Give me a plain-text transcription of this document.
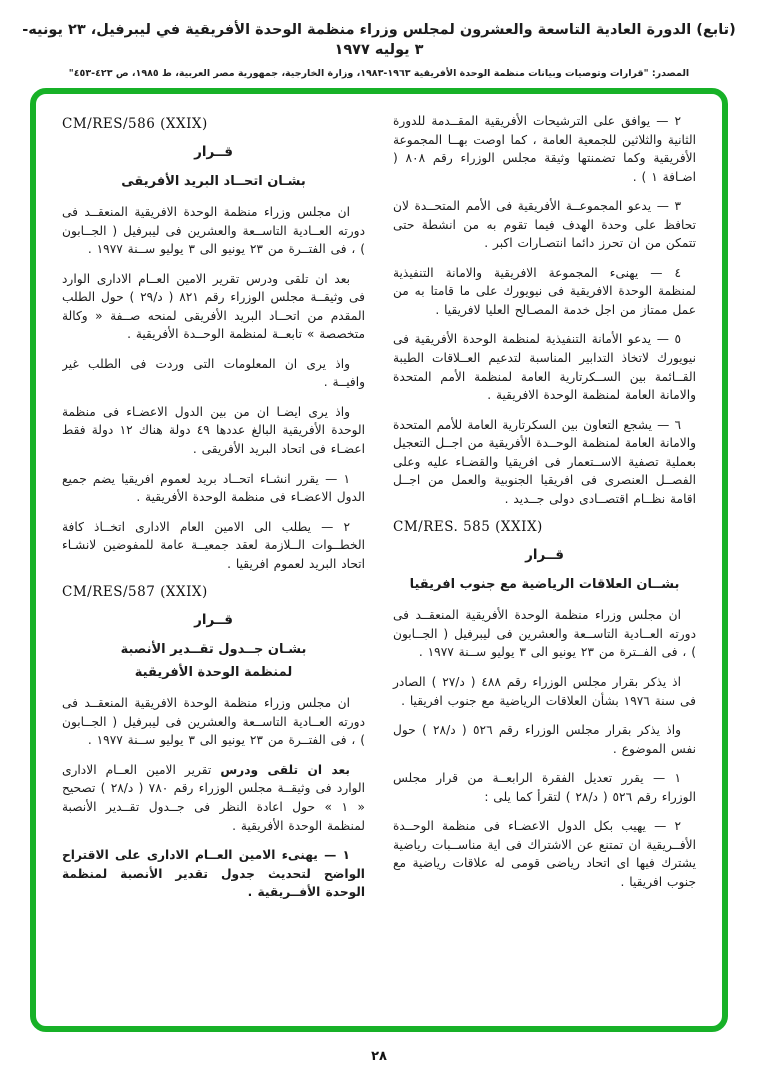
(تابع) الدورة العادية التاسعة والعشرون لمجلس وزراء منظمة الوحدة الأفريقية في ليبرفيل، ٢٣ يونيه- ٣ يوليه ١٩٧٧
المصدر: "قرارات وتوصيات وبيانات منظمة الوحدة الأفريقية ١٩٦٣-١٩٨٣، وزارة الخارجية، جمهورية مصر العربية، ط ١٩٨٥، ص ٤٢٣-٤٥٣"

٢ — يوافق على الترشيحات الأفريقية المقــدمة للدورة الثانية والثلاثين للجمعية العامة ، كما اوصت بهــا المجموعة الأفريقية وكما تضمنتها وثيقة مجلس الوزراء رقم ٨٠٨ ( اضـافة ١ ) .

٣ — يدعو المجموعــة الأفريقية فى الأمم المتحــدة لان تحافظ على وحدة الهدف فيما تقوم به من انشطة حتى تتمكن من ان تحرز دائما انتصـارات اكبر .

٤ — يهنىء المجموعة الافريقية والامانة التنفيذية لمنظمة الوحدة الافريقية فى نيويورك على ما قامتا به من عمل ممتاز من اجل خدمة المصـالح العليا لافريقيا .

٥ — يدعو الأمانة التنفيذية لمنظمة الوحدة الأفريقية فى نيويورك لاتخاذ التدابير المناسبة لتدعيم العــلاقات الطيبة القــائمة بين الســكرتارية العامة لمنظمة الأمم المتحدة والامانة العامة لمنظمة الوحدة الافريقية .

٦ — يشجع التعاون بين السكرتارية العامة للأمم المتحدة والامانة العامة لمنظمة الوحــدة الأفريقية من اجــل التعجيل بعملية تصفية الاســتعمار فى افريقيا والقضـاء عليه وعلى الفصــل العنصرى فى افريقيا الجنوبية والعمل من اجــل اقامة نظــام اقتصــادى دولى جــديد .

CM/RES. 585 (XXIX)
قــرار
بشــان العلاقات الرياضية مع جنوب افريقيا

ان مجلس وزراء منظمة الوحدة الأفريقية المنعقــد فى دورته العــادية التاســعة والعشرين فى ليبرفيل ( الجــابون ) ، فى الفــترة من ٢٣ يونيو الى ٣ يوليو ســنة ١٩٧٧ .

اذ يذكر بقرار مجلس الوزراء رقم ٤٨٨ ( د/٢٧ ) الصادر فى سنة ١٩٧٦ بشأن العلاقات الرياضية مع جنوب افريقيا .

واذ يذكر بقرار مجلس الوزراء رقم ٥٢٦ ( د/٢٨ ) حول نفس الموضوع .

١ — يقرر تعديل الفقرة الرابعــة من قرار مجلس الوزراء رقم ٥٢٦ ( د/٢٨ ) لتقرأ كما يلى :

٢ — يهيب بكل الدول الاعضـاء فى منظمة الوحــدة الأفــريقية ان تمتنع عن الاشتراك فى اية مناســبات رياضية يشترك فيها اى اتحاد رياضى قومى له علاقات رياضية مع جنوب افريقيا .

CM/RES/586 (XXIX)
قــرار
بشـان اتحــاد البريد الأفريقى

ان مجلس وزراء منظمة الوحدة الافريقية المنعقــد فى دورته العــادية التاســعة والعشرين فى ليبرفيل ( الجــابون ) ، فى الفتــرة من ٢٣ يونيو الى ٣ يوليو ســنة ١٩٧٧ .

بعد ان تلقى ودرس تقرير الامين العــام الادارى الوارد فى وثيقــة مجلس الوزراء رقم ٨٢١ ( د/٢٩ ) حول الطلب المقدم من اتحــاد البريد الأفريقى لمنحه صــفة « وكالة متخصصة » تابعــة لمنظمة الوحــدة الأفريقية .

واذ يرى ان المعلومات التى وردت فى الطلب غير وافيــة .

واذ يرى ايضـا ان من بين الدول الاعضـاء فى منظمة الوحدة الأفريقية البالغ عددها ٤٩ دولة هناك ١٢ دولة فقط اعضـاء فى اتحاد البريد الأفريقى .

١ — يقرر انشـاء اتحــاد بريد لعموم افريقيا يضم جميع الدول الاعضـاء فى منظمة الوحدة الأفريقية .

٢ — يطلب الى الامين العام الادارى اتخــاذ كافة الخطــوات الــلازمة لعقد جمعيــة عامة للمفوضين لانشـاء اتحاد البريد لعموم افريقيا .

CM/RES/587 (XXIX)
قــرار
بشـان جــدول تقــدير الأنصبة
لمنظمة الوحدة الأفريقية

ان مجلس وزراء منظمة الوحدة الافريقية المنعقــد فى دورته العــادية التاســعة والعشرين فى ليبرفيل ( الجــابون ) ، فى الفتــرة من ٢٣ يونيو الى ٣ يوليو ســنة ١٩٧٧ .

بعد ان تلقى ودرس تقرير الامين العــام الادارى الوارد فى وثيقــة مجلس الوزراء رقم ٧٨٠ ( د/٢٨ ) تصحيح « ١ » حول اعادة النظر فى جــدول تقــدير الأنصبة لمنظمة الوحدة الأفريقية .

١ — يهنىء الامين العــام الادارى على الاقتراح الواضح لتحديث جدول تقدير الأنصبة لمنظمة الوحدة الأفــريقية .

٢٨
